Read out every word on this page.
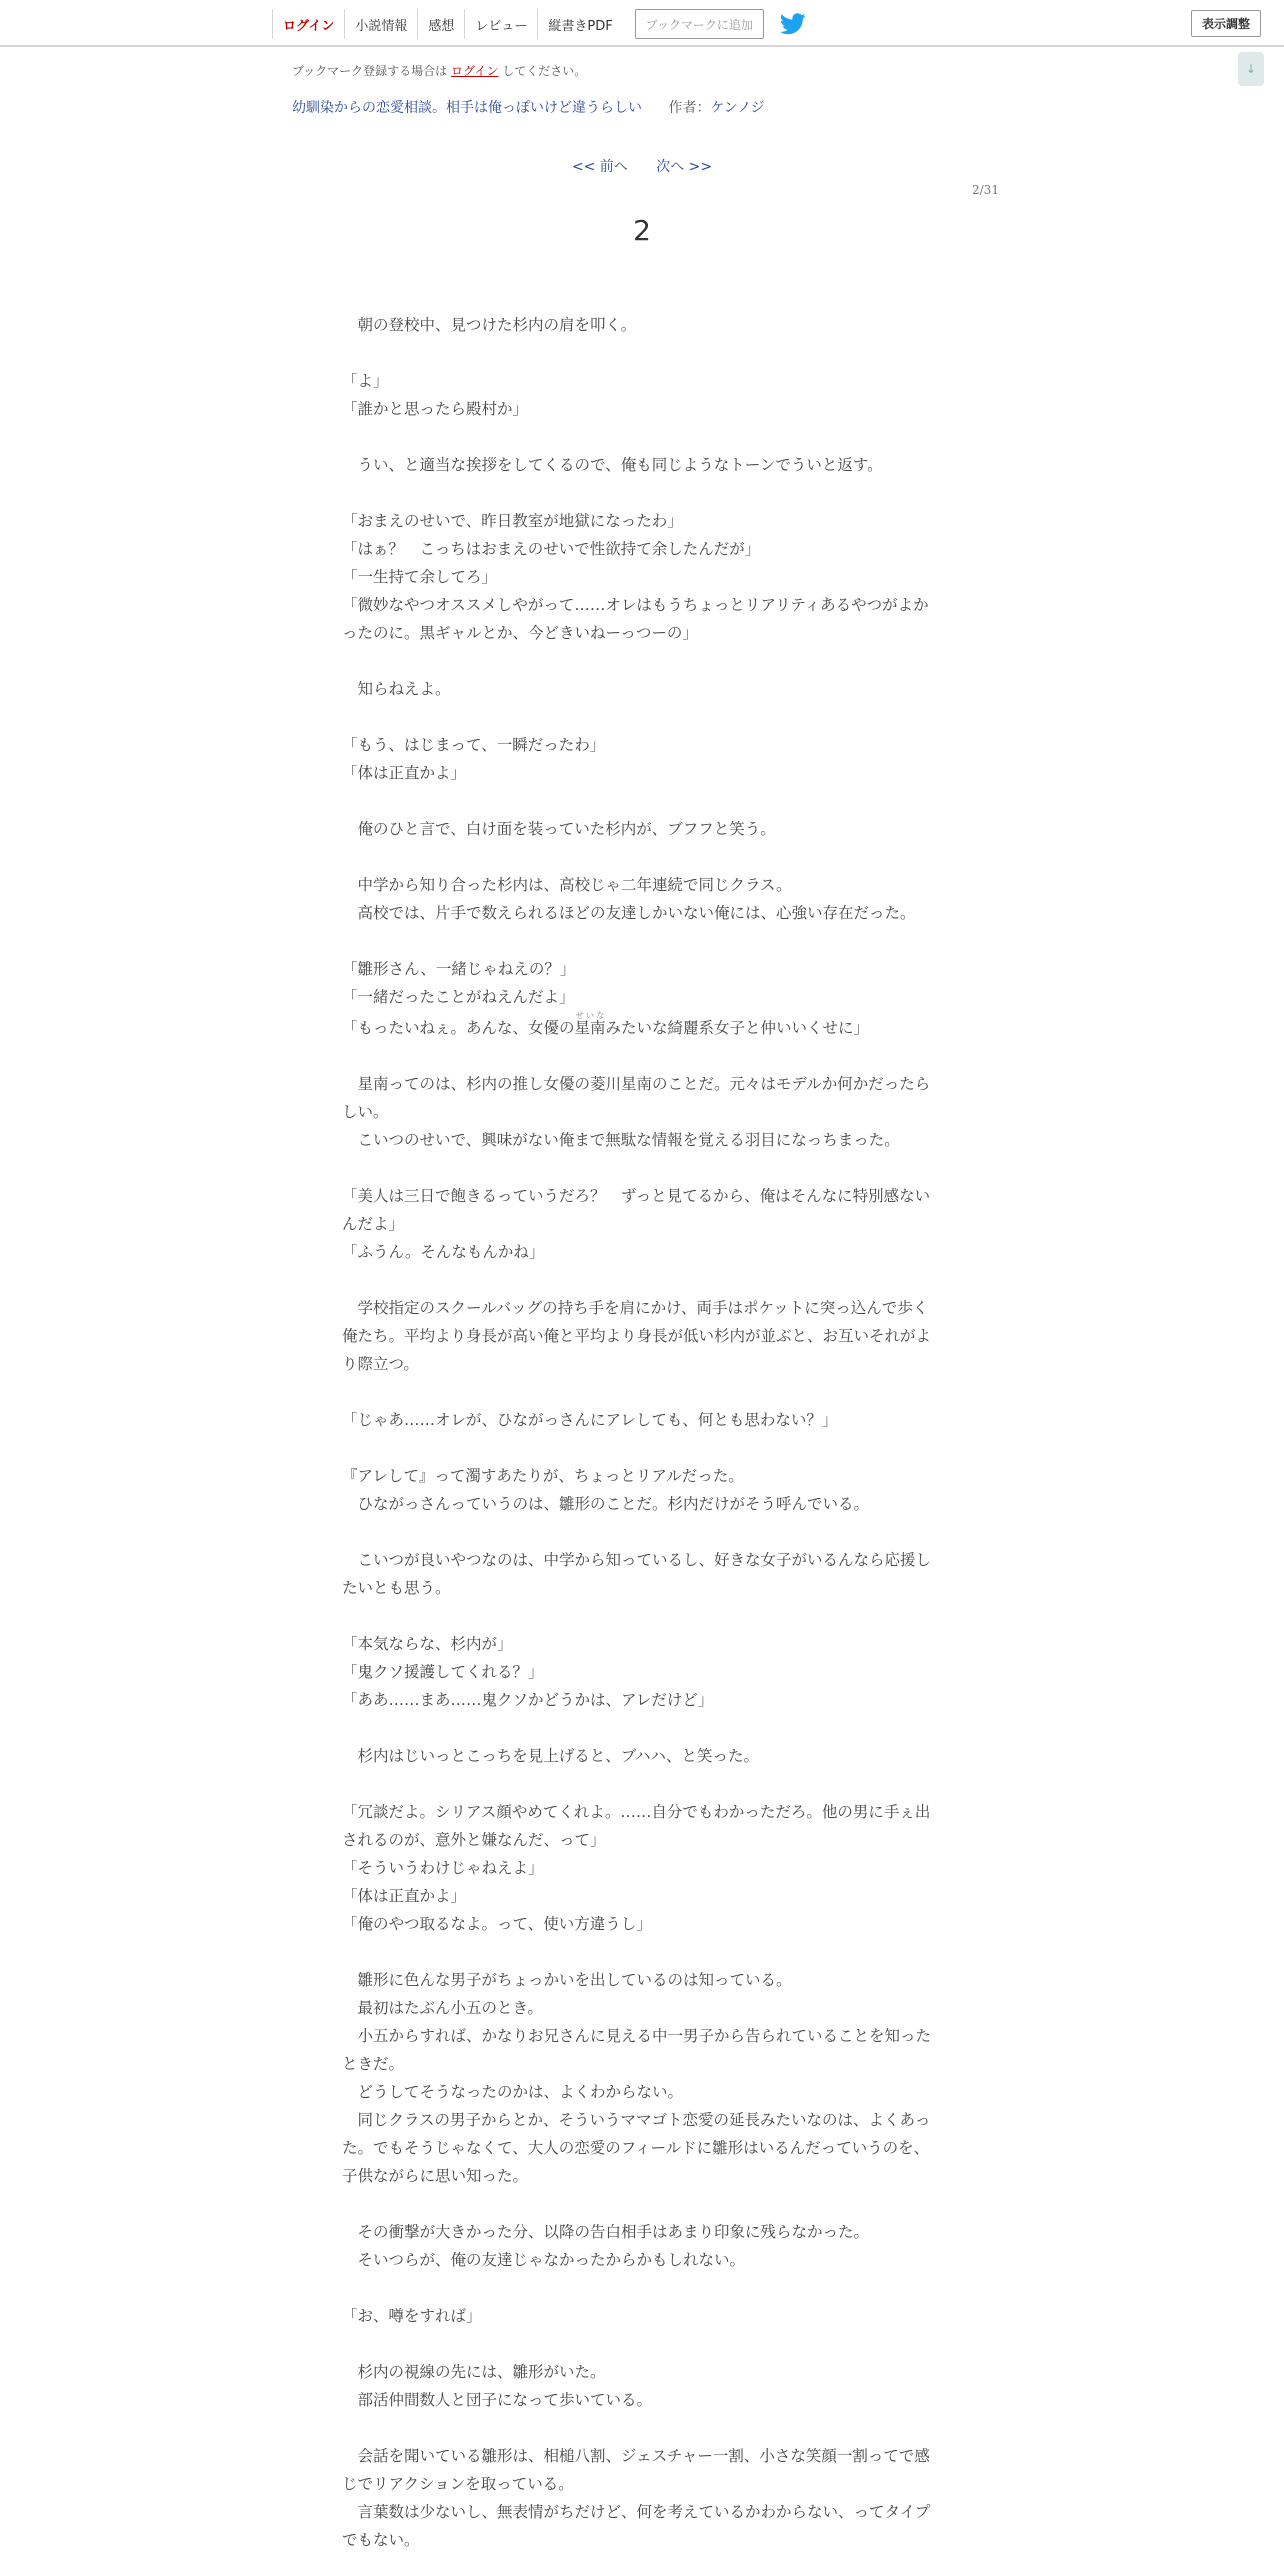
ログイン	小説情報	感想	レビュー	縦書きPDF	ブックマークに追加	表示調整
↓
ブックマーク登録する場合は ログイン してください。
幼馴染からの恋愛相談。相手は俺っぽいけど違うらしい 作者：ケンノジ
<< 前へ 次へ >>
2/31
2

　朝の登校中、見つけた杉内の肩を叩く。

「よ」

「誰かと思ったら殿村か」

　うい、と適当な挨拶をしてくるので、俺も同じようなトーンでういと返す。

「おまえのせいで、昨日教室が地獄になったわ」

「はぁ？　こっちはおまえのせいで性欲持て余したんだが」

「一生持て余してろ」

「微妙なやつオススメしやがって……オレはもうちょっとリアリティあるやつがよかったのに。黒ギャルとか、今どきいねーっつーの」

　知らねえよ。

「もう、はじまって、一瞬だったわ」

「体は正直かよ」

　俺のひと言で、白け面を装っていた杉内が、ブフフと笑う。

　中学から知り合った杉内は、高校じゃ二年連続で同じクラス。

　高校では、片手で数えられるほどの友達しかいない俺には、心強い存在だった。

「雛形さん、一緒じゃねえの？」

「一緒だったことがねえんだよ」

「もったいねぇ。あんな、女優の星南せいなみたいな綺麗系女子と仲いいくせに」

　星南ってのは、杉内の推し女優の菱川星南のことだ。元々はモデルか何かだったらしい。

　こいつのせいで、興味がない俺まで無駄な情報を覚える羽目になっちまった。

「美人は三日で飽きるっていうだろ？　ずっと見てるから、俺はそんなに特別感ないんだよ」

「ふうん。そんなもんかね」

　学校指定のスクールバッグの持ち手を肩にかけ、両手はポケットに突っ込んで歩く俺たち。平均より身長が高い俺と平均より身長が低い杉内が並ぶと、お互いそれがより際立つ。

「じゃあ……オレが、ひながっさんにアレしても、何とも思わない？」

『アレして』って濁すあたりが、ちょっとリアルだった。

　ひながっさんっていうのは、雛形のことだ。杉内だけがそう呼んでいる。

　こいつが良いやつなのは、中学から知っているし、好きな女子がいるんなら応援したいとも思う。

「本気ならな、杉内が」

「鬼クソ援護してくれる？」

「ああ……まあ……鬼クソかどうかは、アレだけど」

　杉内はじいっとこっちを見上げると、ブハハ、と笑った。

「冗談だよ。シリアス顔やめてくれよ。……自分でもわかっただろ。他の男に手ぇ出されるのが、意外と嫌なんだ、って」

「そういうわけじゃねえよ」

「体は正直かよ」

「俺のやつ取るなよ。って、使い方違うし」

　雛形に色んな男子がちょっかいを出しているのは知っている。

　最初はたぶん小五のとき。

　小五からすれば、かなりお兄さんに見える中一男子から告られていることを知ったときだ。

　どうしてそうなったのかは、よくわからない。

　同じクラスの男子からとか、そういうママゴト恋愛の延長みたいなのは、よくあった。でもそうじゃなくて、大人の恋愛のフィールドに雛形はいるんだっていうのを、子供ながらに思い知った。

　その衝撃が大きかった分、以降の告白相手はあまり印象に残らなかった。

　そいつらが、俺の友達じゃなかったからかもしれない。

「お、噂をすれば」

　杉内の視線の先には、雛形がいた。

　部活仲間数人と団子になって歩いている。

　会話を聞いている雛形は、相槌八割、ジェスチャー一割、小さな笑顔一割ってで感じでリアクションを取っている。

　言葉数は少ないし、無表情がちだけど、何を考えているかわからない、ってタイプでもない。
